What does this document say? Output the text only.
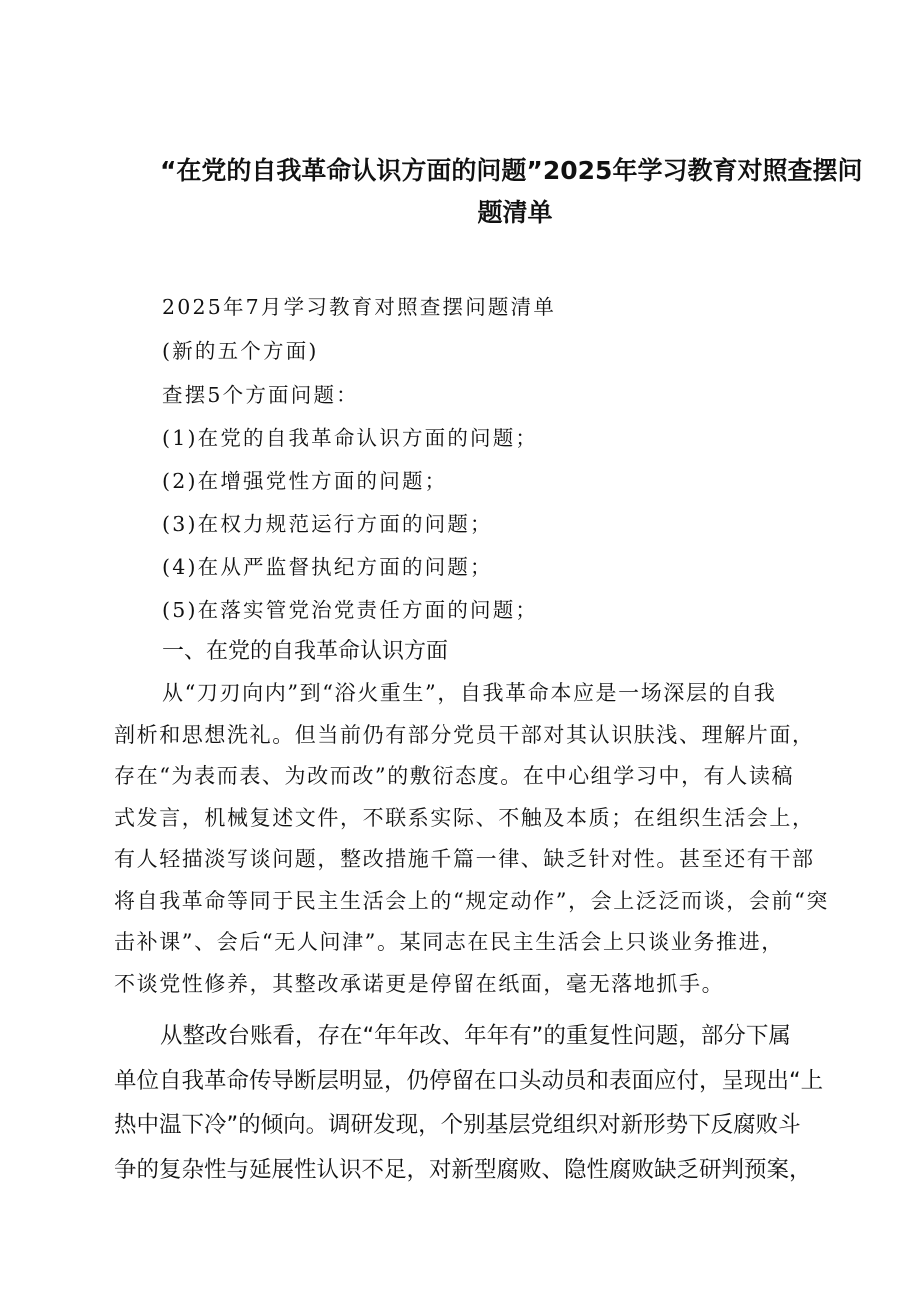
“在党的自我革命认识方面的问题”2025年学习教育对照查摆问
题清单
2025年7月学习教育对照查摆问题清单
(新的五个方面)
查摆5个方面问题：
(1)在党的自我革命认识方面的问题；
(2)在增强党性方面的问题；
(3)在权力规范运行方面的问题；
(4)在从严监督执纪方面的问题；
(5)在落实管党治党责任方面的问题；
一、在党的自我革命认识方面
从“刀刃向内”到“浴火重生”，自我革命本应是一场深层的自我
剖析和思想洗礼。但当前仍有部分党员干部对其认识肤浅、理解片面，
存在“为表而表、为改而改”的敷衍态度。在中心组学习中，有人读稿
式发言，机械复述文件，不联系实际、不触及本质；在组织生活会上，
有人轻描淡写谈问题，整改措施千篇一律、缺乏针对性。甚至还有干部
将自我革命等同于民主生活会上的“规定动作”，会上泛泛而谈，会前“突
击补课”、会后“无人问津”。某同志在民主生活会上只谈业务推进，
不谈党性修养，其整改承诺更是停留在纸面，毫无落地抓手。
从整改台账看，存在“年年改、年年有”的重复性问题，部分下属
单位自我革命传导断层明显，仍停留在口头动员和表面应付，呈现出“上
热中温下冷”的倾向。调研发现，个别基层党组织对新形势下反腐败斗
争的复杂性与延展性认识不足，对新型腐败、隐性腐败缺乏研判预案，
